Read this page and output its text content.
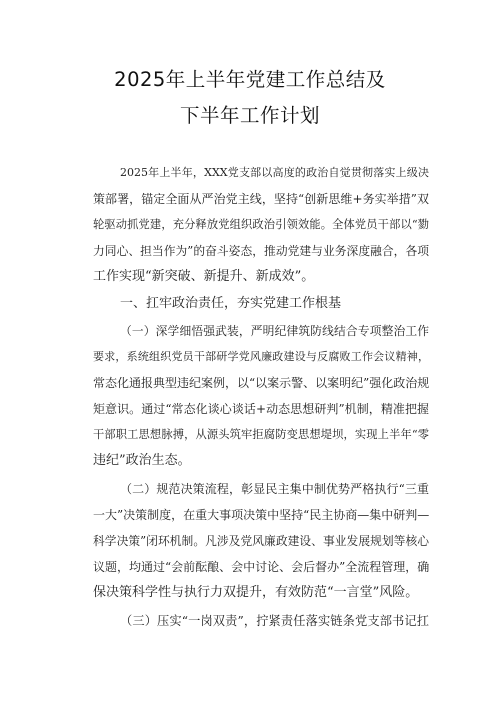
2025年上半年党建工作总结及
下半年工作计划
2025年上半年，XXX党支部以高度的政治自觉贯彻落实上级决
策部署，锚定全面从严治党主线，坚持“创新思维+务实举措”双
轮驱动抓党建，充分释放党组织政治引领效能。全体党员干部以“勠
力同心、担当作为”的奋斗姿态，推动党建与业务深度融合，各项
工作实现“新突破、新提升、新成效”。
一、扛牢政治责任，夯实党建工作根基
（一）深学细悟强武装，严明纪律筑防线结合专项整治工作
要求，系统组织党员干部研学党风廉政建设与反腐败工作会议精神，
常态化通报典型违纪案例，以“以案示警、以案明纪”强化政治规
矩意识。通过“常态化谈心谈话+动态思想研判”机制，精准把握
干部职工思想脉搏，从源头筑牢拒腐防变思想堤坝，实现上半年“零
违纪”政治生态。
（二）规范决策流程，彰显民主集中制优势严格执行“三重
一大”决策制度，在重大事项决策中坚持“民主协商—集中研判—
科学决策”闭环机制。凡涉及党风廉政建设、事业发展规划等核心
议题，均通过“会前酝酿、会中讨论、会后督办”全流程管理，确
保决策科学性与执行力双提升，有效防范“一言堂”风险。
（三）压实“一岗双责”，拧紧责任落实链条党支部书记扛
